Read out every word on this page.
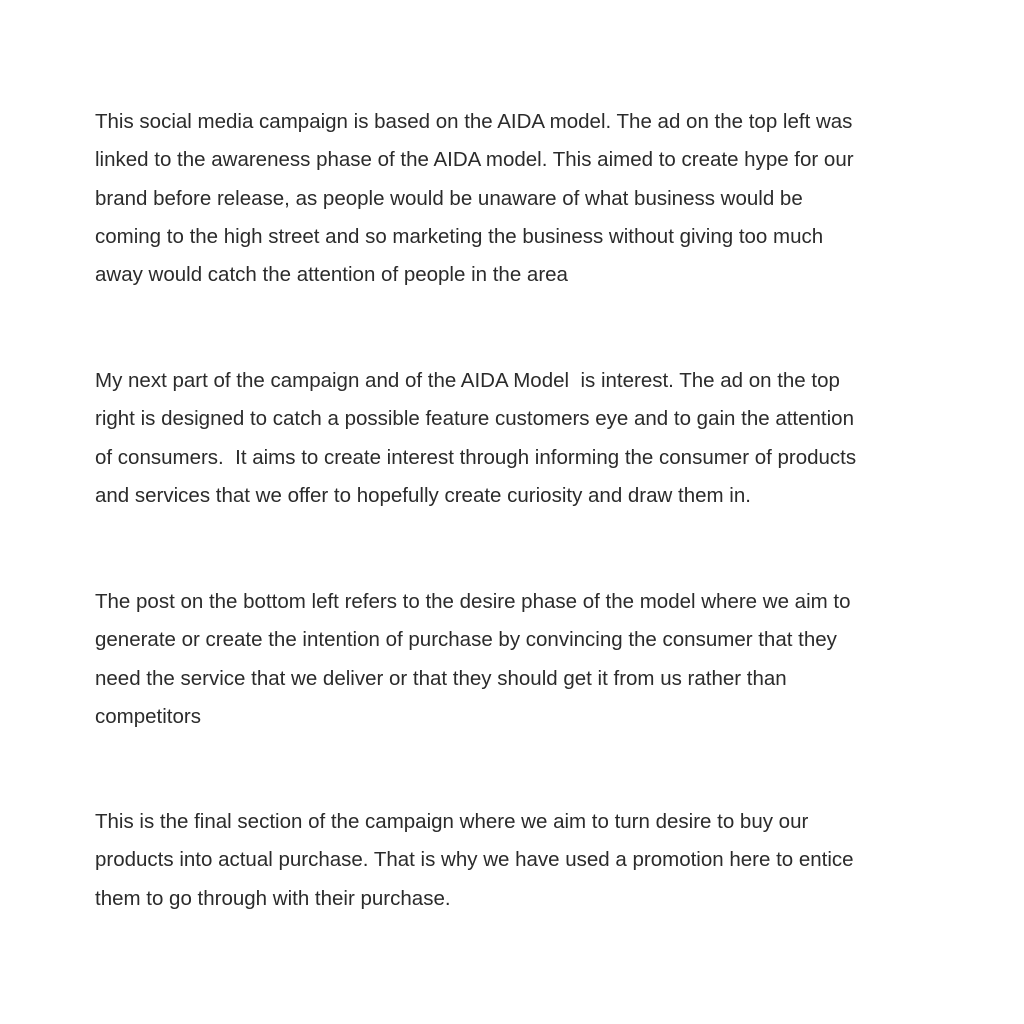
This social media campaign is based on the AIDA model. The ad on the top left was
linked to the awareness phase of the AIDA model. This aimed to create hype for our
brand before release, as people would be unaware of what business would be
coming to the high street and so marketing the business without giving too much
away would catch the attention of people in the area

My next part of the campaign and of the AIDA Model  is interest. The ad on the top
right is designed to catch a possible feature customers eye and to gain the attention
of consumers.  It aims to create interest through informing the consumer of products
and services that we offer to hopefully create curiosity and draw them in.

The post on the bottom left refers to the desire phase of the model where we aim to
generate or create the intention of purchase by convincing the consumer that they
need the service that we deliver or that they should get it from us rather than
competitors

This is the final section of the campaign where we aim to turn desire to buy our
products into actual purchase. That is why we have used a promotion here to entice
them to go through with their purchase.
